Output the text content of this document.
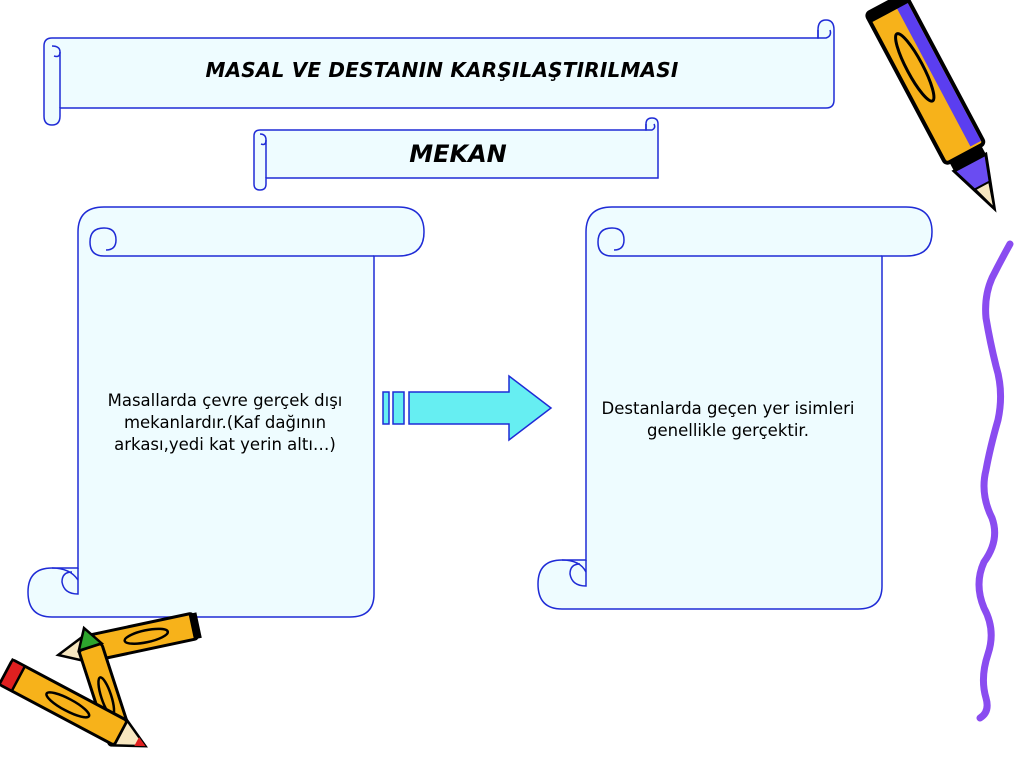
MASAL VE DESTANIN KARŞILAŞTIRILMASI
MEKAN
Masallarda çevre gerçek dışı
mekanlardır.(Kaf dağının
arkası,yedi kat yerin altı…)
Destanlarda geçen yer isimleri
genellikle gerçektir.
